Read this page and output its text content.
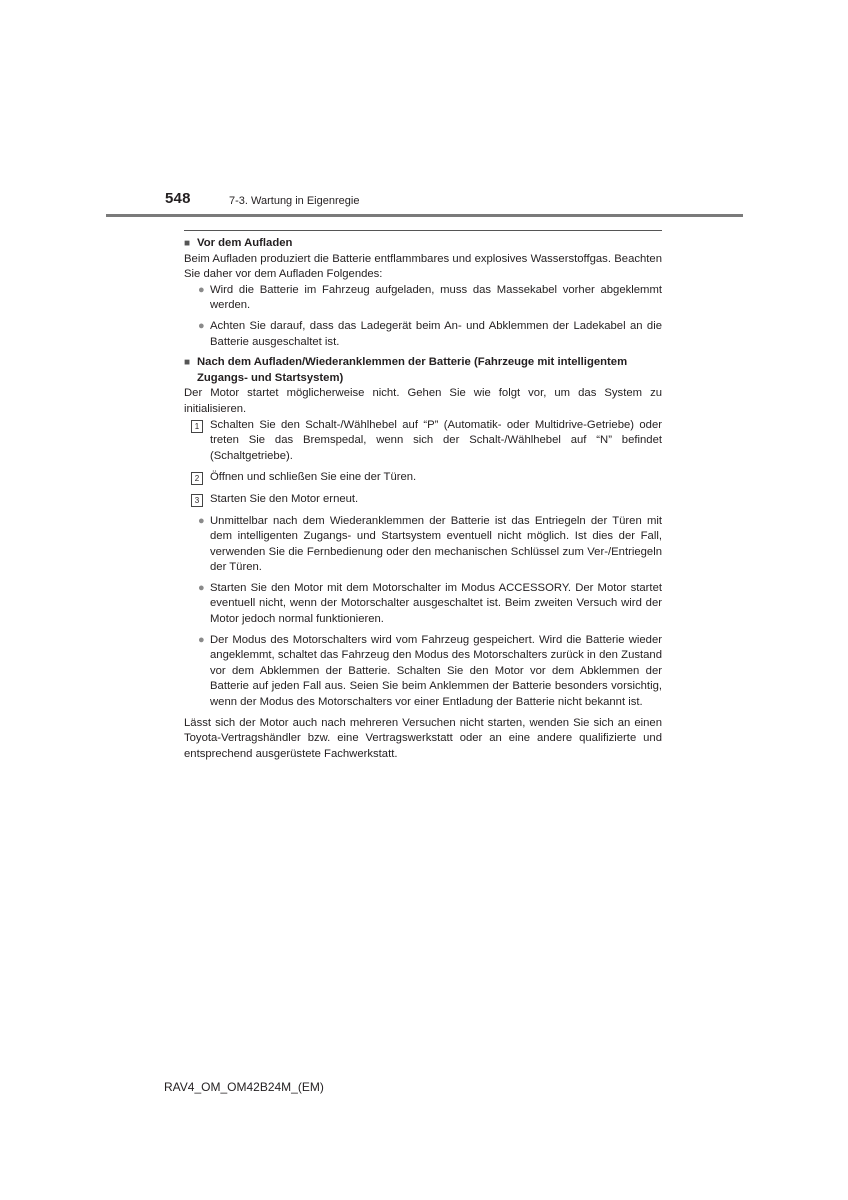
548	7-3. Wartung in Eigenregie
■ Vor dem Aufladen

Beim Aufladen produziert die Batterie entflammbares und explosives Wasserstoffgas. Beachten Sie daher vor dem Aufladen Folgendes:

● Wird die Batterie im Fahrzeug aufgeladen, muss das Massekabel vorher abgeklemmt werden.
● Achten Sie darauf, dass das Ladegerät beim An- und Abklemmen der Ladekabel an die Batterie ausgeschaltet ist.
■ Nach dem Aufladen/Wiederanklemmen der Batterie (Fahrzeuge mit intelligentem Zugangs- und Startsystem)

Der Motor startet möglicherweise nicht. Gehen Sie wie folgt vor, um das System zu initialisieren.

1 Schalten Sie den Schalt-/Wählhebel auf “P” (Automatik- oder Multidrive-Getriebe) oder treten Sie das Bremspedal, wenn sich der Schalt-/Wählhebel auf “N” befindet (Schaltgetriebe).
2 Öffnen und schließen Sie eine der Türen.
3 Starten Sie den Motor erneut.
● Unmittelbar nach dem Wiederanklemmen der Batterie ist das Entriegeln der Türen mit dem intelligenten Zugangs- und Startsystem eventuell nicht möglich. Ist dies der Fall, verwenden Sie die Fernbedienung oder den mechanischen Schlüssel zum Ver-/Entriegeln der Türen.
● Starten Sie den Motor mit dem Motorschalter im Modus ACCESSORY. Der Motor startet eventuell nicht, wenn der Motorschalter ausgeschaltet ist. Beim zweiten Versuch wird der Motor jedoch normal funktionieren.
● Der Modus des Motorschalters wird vom Fahrzeug gespeichert. Wird die Batterie wieder angeklemmt, schaltet das Fahrzeug den Modus des Motorschalters zurück in den Zustand vor dem Abklemmen der Batterie. Schalten Sie den Motor vor dem Abklemmen der Batterie auf jeden Fall aus. Seien Sie beim Anklemmen der Batterie besonders vorsichtig, wenn der Modus des Motorschalters vor einer Entladung der Batterie nicht bekannt ist.

Lässt sich der Motor auch nach mehreren Versuchen nicht starten, wenden Sie sich an einen Toyota-Vertragshändler bzw. eine Vertragswerkstatt oder an eine andere qualifizierte und entsprechend ausgerüstete Fachwerkstatt.

RAV4_OM_OM42B24M_(EM)
